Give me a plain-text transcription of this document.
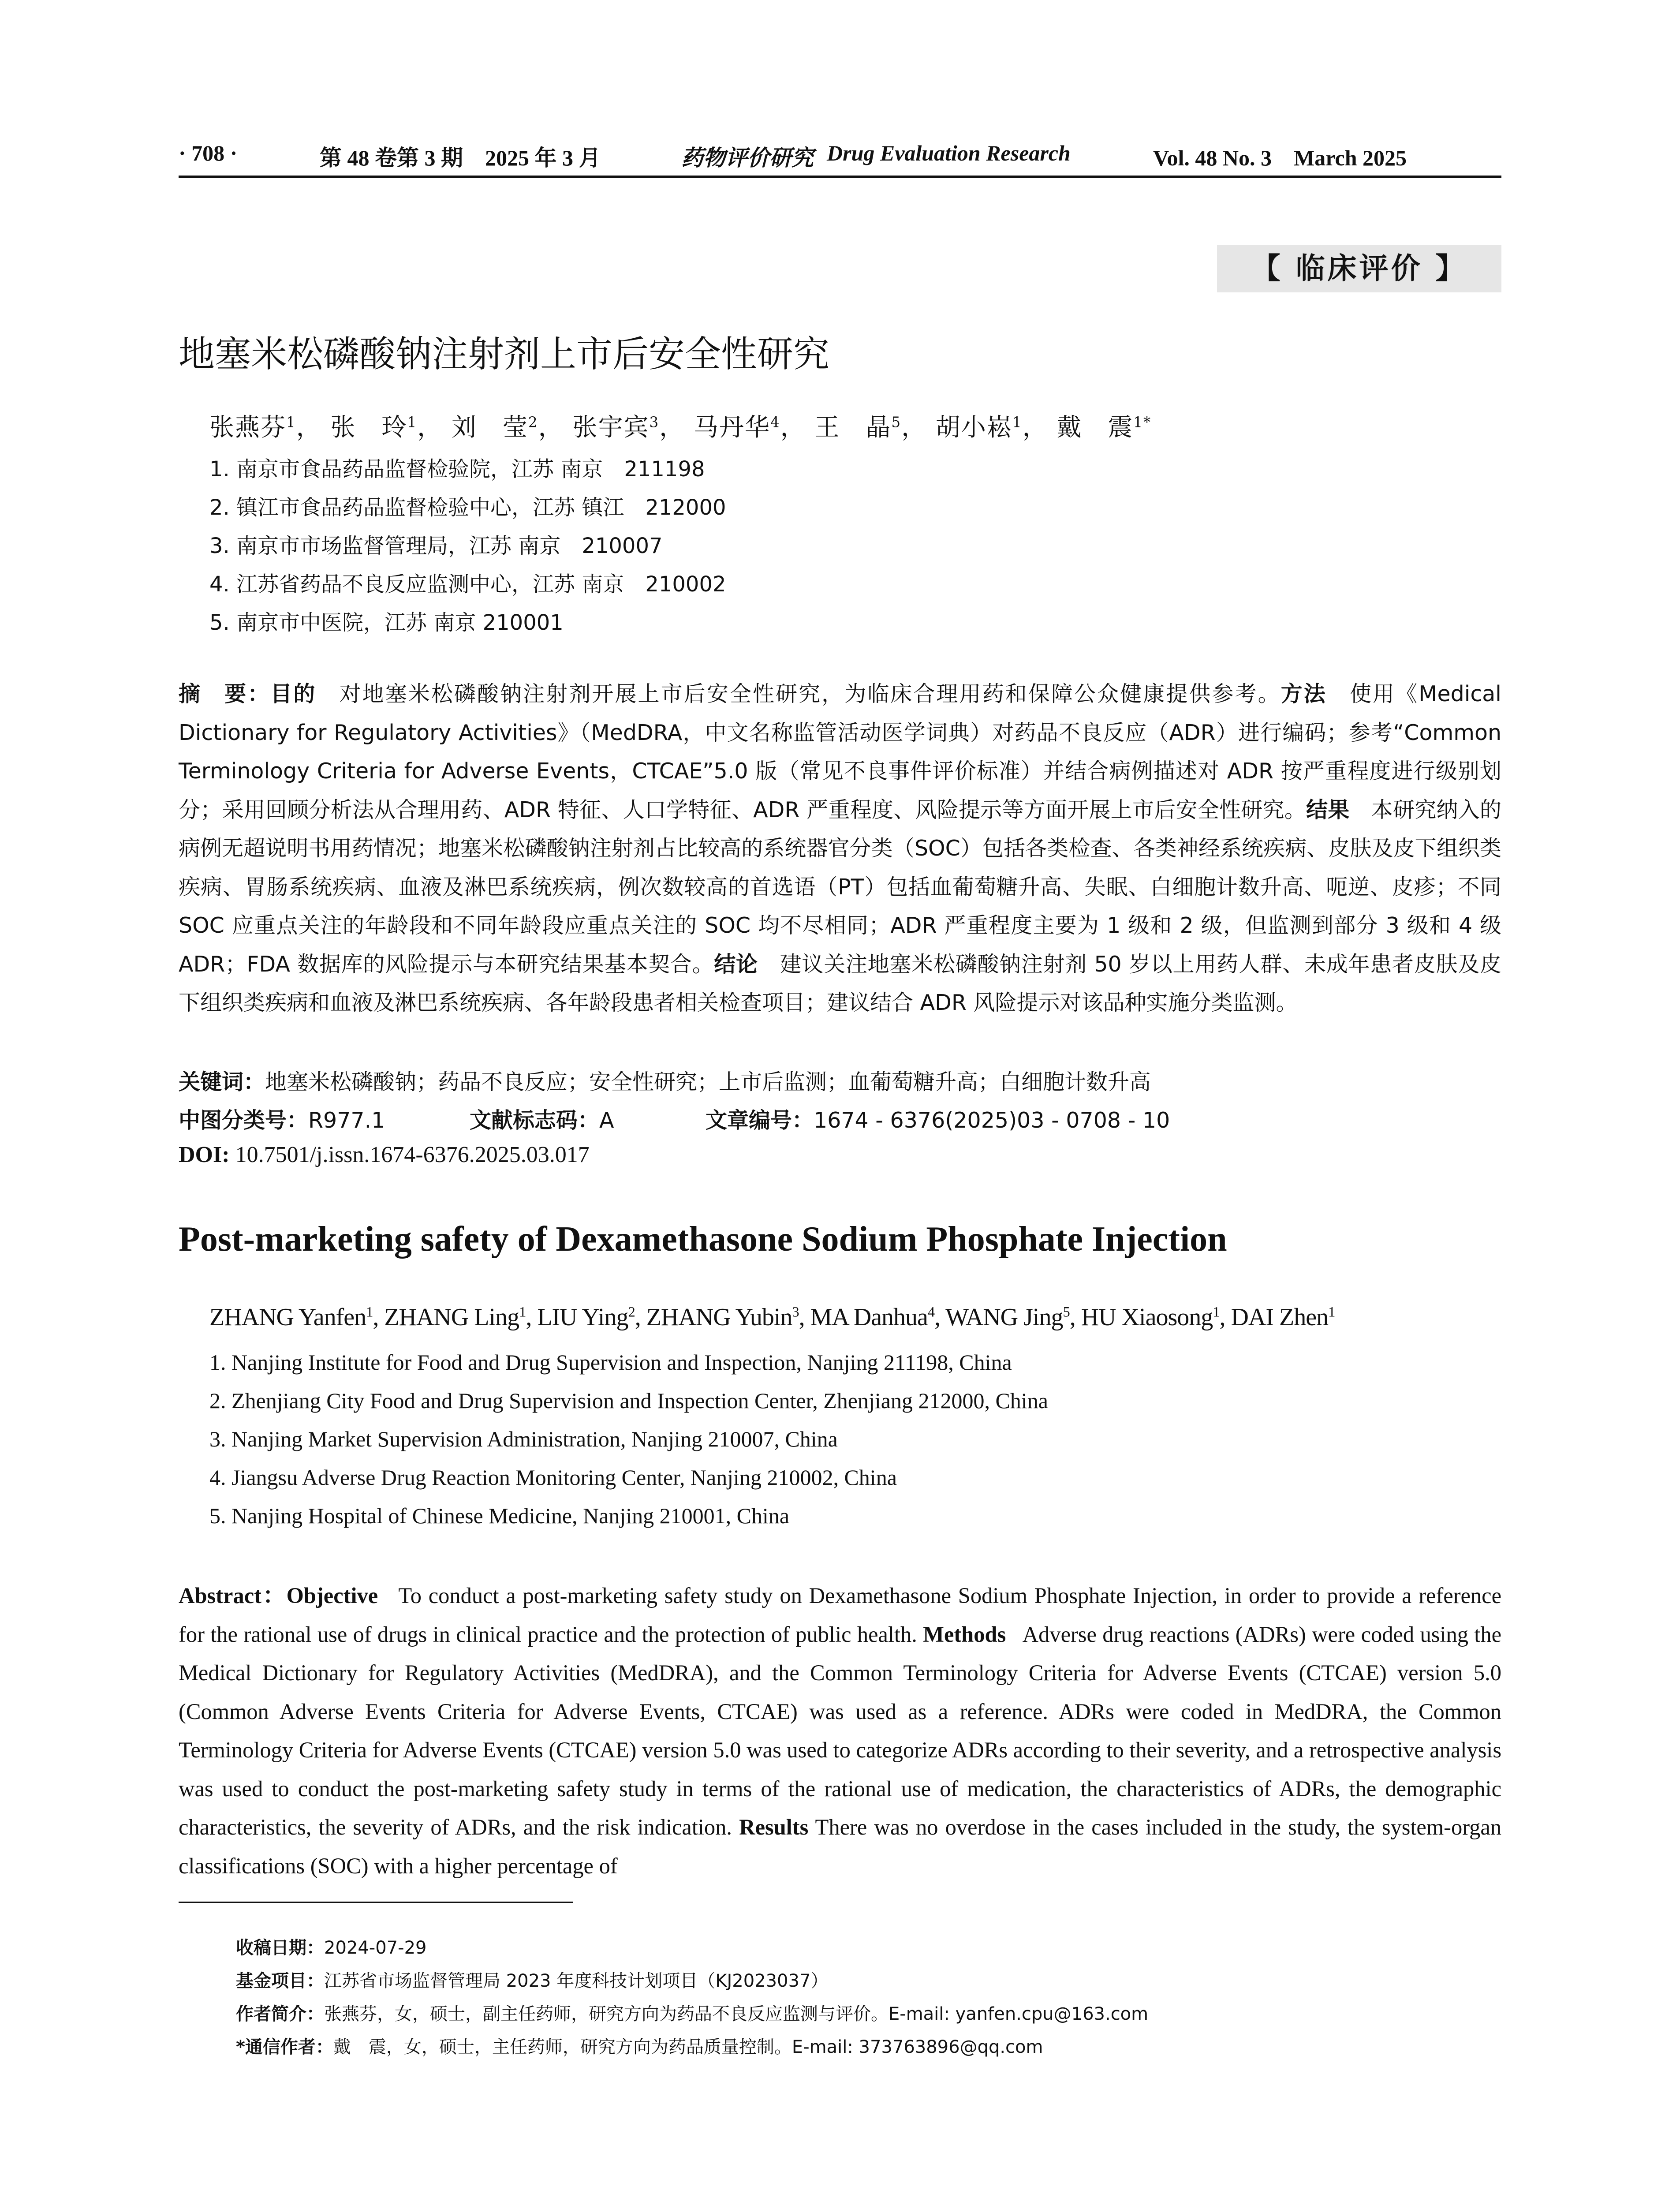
· 708 ·	第 48 卷第 3 期　2025 年 3 月	药物评价研究 Drug Evaluation Research	Vol. 48 No. 3　March 2025
【 临床评价 】
地塞米松磷酸钠注射剂上市后安全性研究
张燕芬$^1$， 张　玲$^1$， 刘　莹$^2$， 张宇宾$^3$， 马丹华$^4$， 王　晶$^5$， 胡小崧$^1$， 戴　震$^{1*}$
1. 南京市食品药品监督检验院，江苏 南京　211198
2. 镇江市食品药品监督检验中心，江苏 镇江　212000
3. 南京市市场监督管理局，江苏 南京　210007
4. 江苏省药品不良反应监测中心，江苏 南京　210002
5. 南京市中医院，江苏 南京 210001
摘　要：目的　 对地塞米松磷酸钠注射剂开展上市后安全性研究，为临床合理用药和保障公众健康提供参考。方法　 使用《Medical Dictionary for Regulatory Activities》（MedDRA，中文名称监管活动医学词典）对药品不良反应（ADR）进行编码；参考“Common Terminology Criteria for Adverse Events，CTCAE”5.0 版（常见不良事件评价标准）并结合病例描述对 ADR 按严重程度进行级别划分；采用回顾分析法从合理用药、ADR 特征、人口学特征、ADR 严重程度、风险提示等方面开展上市后安全性研究。结果　 本研究纳入的病例无超说明书用药情况；地塞米松磷酸钠注射剂占比较高的系统器官分类（SOC）包括各类检查、各类神经系统疾病、皮肤及皮下组织类疾病、胃肠系统疾病、血液及淋巴系统疾病，例次数较高的首选语（PT）包括血葡萄糖升高、失眠、白细胞计数升高、呃逆、皮疹；不同 SOC 应重点关注的年龄段和不同年龄段应重点关注的 SOC 均不尽相同；ADR 严重程度主要为 1 级和 2 级，但监测到部分 3 级和 4 级 ADR；FDA 数据库的风险提示与本研究结果基本契合。结论　 建议关注地塞米松磷酸钠注射剂 50 岁以上用药人群、未成年患者皮肤及皮下组织类疾病和血液及淋巴系统疾病、各年龄段患者相关检查项目；建议结合 ADR 风险提示对该品种实施分类监测。
关键词：地塞米松磷酸钠；药品不良反应；安全性研究；上市后监测；血葡萄糖升高；白细胞计数升高
中图分类号：R977.1	文献标志码：A	文章编号：1674 - 6376(2025)03 - 0708 - 10
DOI: 10.7501/j.issn.1674-6376.2025.03.017
Post-marketing safety of Dexamethasone Sodium Phosphate Injection
ZHANG Yanfen$^1$, ZHANG Ling$^1$, LIU Ying$^2$, ZHANG Yubin$^3$, MA Danhua$^4$, WANG Jing$^5$, HU Xiaosong$^1$, DAI Zhen$^1$
1. Nanjing Institute for Food and Drug Supervision and Inspection, Nanjing 211198, China
2. Zhenjiang City Food and Drug Supervision and Inspection Center, Zhenjiang 212000, China
3. Nanjing Market Supervision Administration, Nanjing 210007, China
4. Jiangsu Adverse Drug Reaction Monitoring Center, Nanjing 210002, China
5. Nanjing Hospital of Chinese Medicine, Nanjing 210001, China
Abstract：Objective To conduct a post-marketing safety study on Dexamethasone Sodium Phosphate Injection, in order to provide a reference for the rational use of drugs in clinical practice and the protection of public health. Methods Adverse drug reactions (ADRs) were coded using the Medical Dictionary for Regulatory Activities (MedDRA), and the Common Terminology Criteria for Adverse Events (CTCAE) version 5.0 (Common Adverse Events Criteria for Adverse Events, CTCAE) was used as a reference. ADRs were coded in MedDRA, the Common Terminology Criteria for Adverse Events (CTCAE) version 5.0 was used to categorize ADRs according to their severity, and a retrospective analysis was used to conduct the post-marketing safety study in terms of the rational use of medication, the characteristics of ADRs, the demographic characteristics, the severity of ADRs, and the risk indication. Results There was no overdose in the cases included in the study, the system-organ classifications (SOC) with a higher percentage of
收稿日期：2024-07-29
基金项目：江苏省市场监督管理局 2023 年度科技计划项目（KJ2023037）
作者简介：张燕芬，女，硕士，副主任药师，研究方向为药品不良反应监测与评价。E-mail: yanfen.cpu@163.com
*通信作者：戴　震，女，硕士，主任药师，研究方向为药品质量控制。E-mail: 373763896@qq.com
